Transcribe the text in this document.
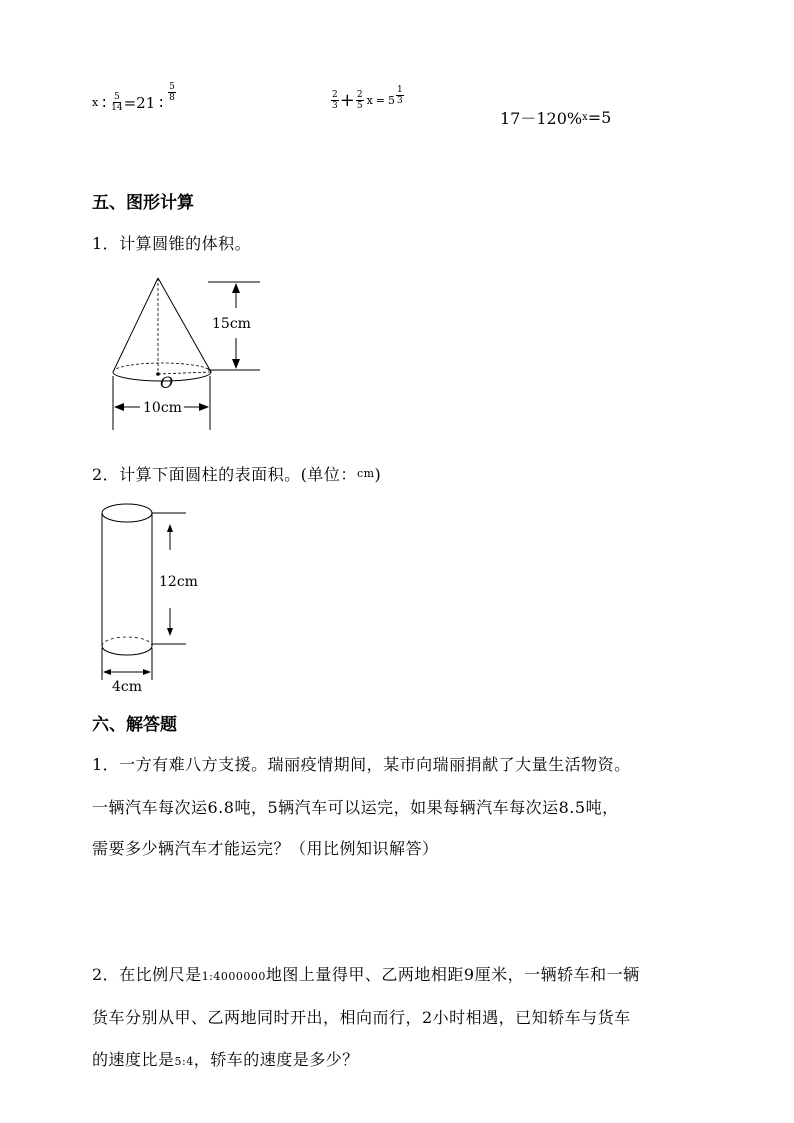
x ∶ $\frac{5}{14} =21$ ∶ $\frac{5}{8}$	$\frac{2}{3} + \frac{2}{5}$ $x = 5 \frac{1}{3}$
17－120% x =5
五、图形计算
1．计算圆锥的体积。
O
15cm
10cm
2．计算下面圆柱的表面积。(单位：cm)
12cm
4cm
六、解答题
1．一方有难八方支援。瑞丽疫情期间，某市向瑞丽捐献了大量生活物资。
一辆汽车每次运6.8吨，5辆汽车可以运完，如果每辆汽车每次运8.5吨，
需要多少辆汽车才能运完？（用比例知识解答）
2．在比例尺是1:4000000地图上量得甲、乙两地相距9厘米，一辆轿车和一辆
货车分别从甲、乙两地同时开出，相向而行，2小时相遇，已知轿车与货车
的速度比是5:4，轿车的速度是多少？
